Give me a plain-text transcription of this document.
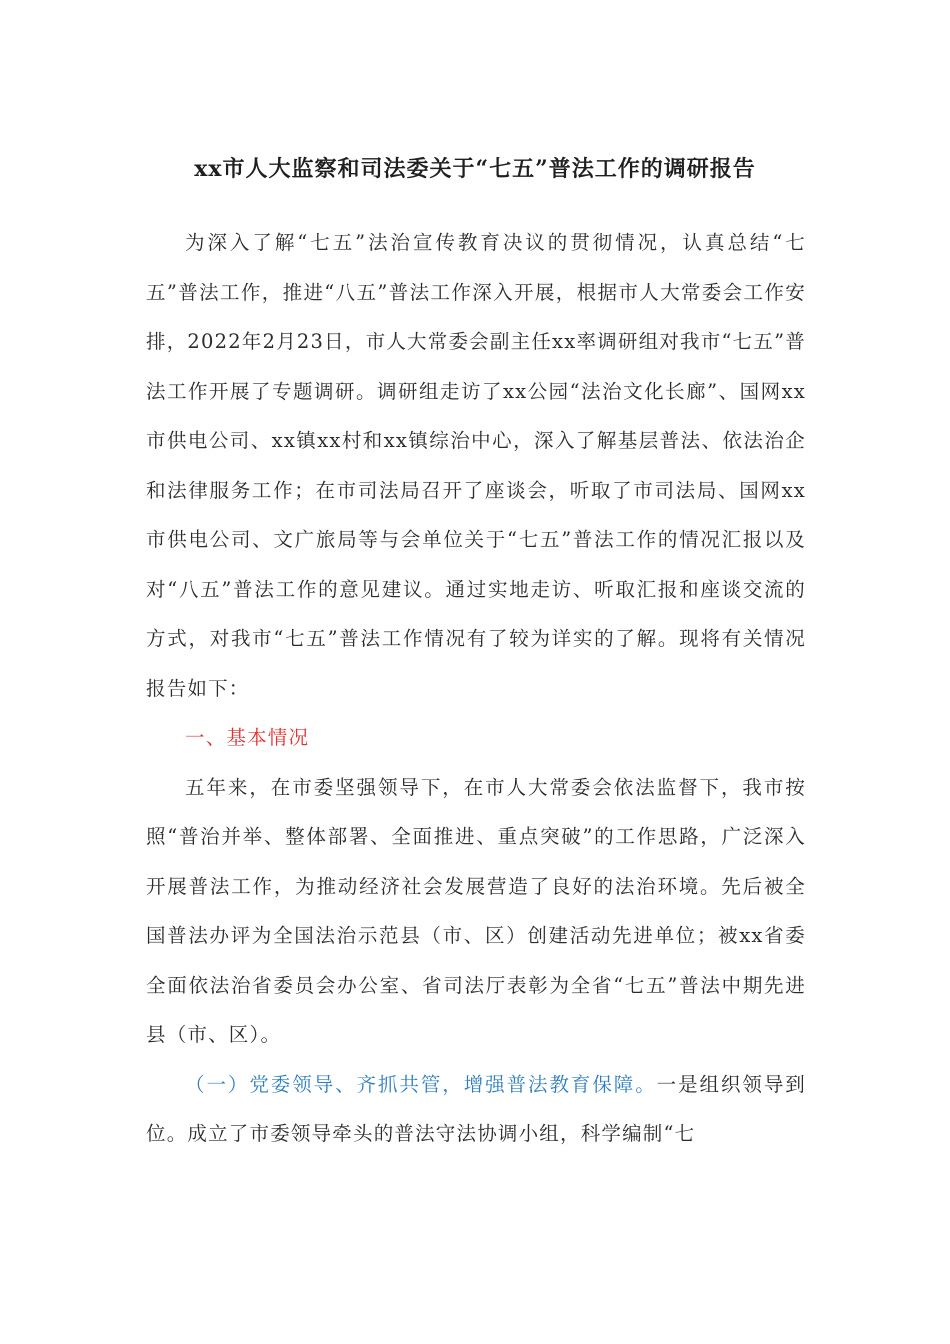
xx市人大监察和司法委关于“七五”普法工作的调研报告

为深入了解“七五”法治宣传教育决议的贯彻情况，认真总结“七五”普法工作，推进“八五”普法工作深入开展，根据市人大常委会工作安排，2022年2月23日，市人大常委会副主任xx率调研组对我市“七五”普法工作开展了专题调研。调研组走访了xx公园“法治文化长廊”、国网xx市供电公司、xx镇xx村和xx镇综治中心，深入了解基层普法、依法治企和法律服务工作；在市司法局召开了座谈会，听取了市司法局、国网xx市供电公司、文广旅局等与会单位关于“七五”普法工作的情况汇报以及对“八五”普法工作的意见建议。通过实地走访、听取汇报和座谈交流的方式，对我市“七五”普法工作情况有了较为详实的了解。现将有关情况报告如下：

一、基本情况

五年来，在市委坚强领导下，在市人大常委会依法监督下，我市按照“普治并举、整体部署、全面推进、重点突破”的工作思路，广泛深入开展普法工作，为推动经济社会发展营造了良好的法治环境。先后被全国普法办评为全国法治示范县（市、区）创建活动先进单位；被xx省委全面依法治省委员会办公室、省司法厅表彰为全省“七五”普法中期先进县（市、区）。

（一）党委领导、齐抓共管，增强普法教育保障。一是组织领导到位。成立了市委领导牵头的普法守法协调小组，科学编制“七
